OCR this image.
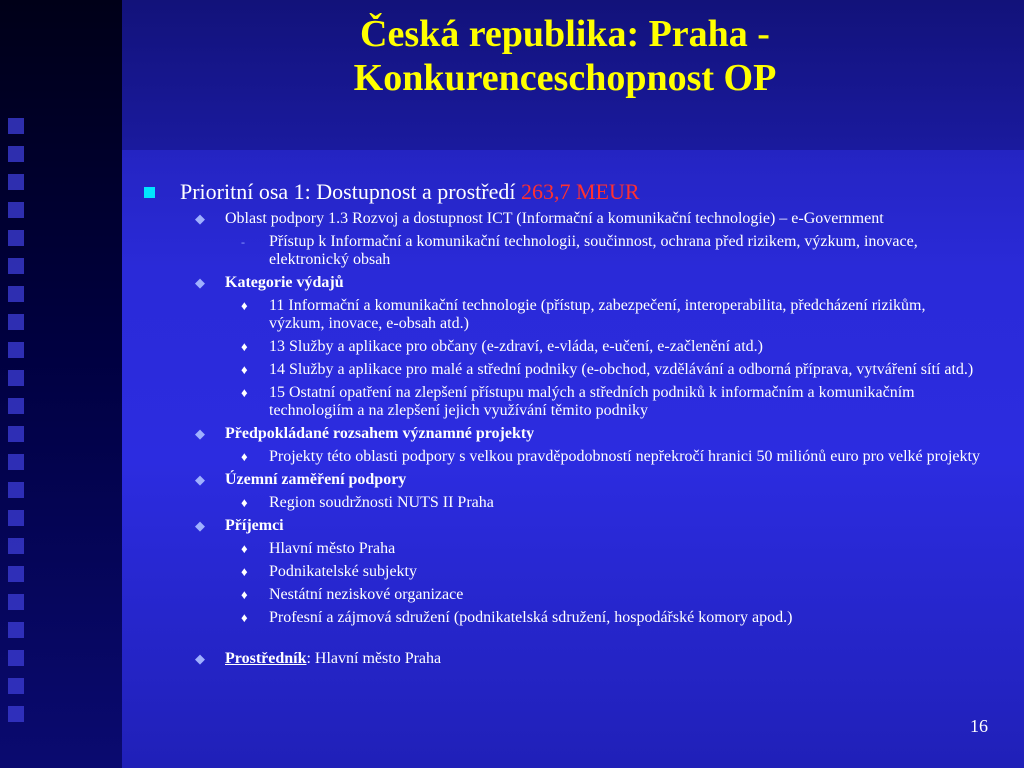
Česká republika: Praha -
Konkurenceschopnost OP
Prioritní osa 1: Dostupnost a prostředí 263,7 MEUR
◆ Oblast podpory 1.3 Rozvoj a dostupnost ICT (Informační a komunikační technologie) – e-Government
- Přístup k Informační a komunikační technologii, součinnost, ochrana před rizikem, výzkum, inovace, elektronický obsah
◆ Kategorie výdajů
♦ 11 Informační a komunikační technologie (přístup, zabezpečení, interoperabilita, předcházení rizikům, výzkum, inovace, e-obsah atd.)
♦ 13 Služby a aplikace pro občany (e-zdraví, e-vláda, e-učení, e-začlenění atd.)
♦ 14 Služby a aplikace pro malé a střední podniky (e-obchod, vzdělávání a odborná příprava, vytváření sítí atd.)
♦ 15 Ostatní opatření na zlepšení přístupu malých a středních podniků k informačním a komunikačním technologiím a na zlepšení jejich využívání těmito podniky
◆ Předpokládané rozsahem významné projekty
♦ Projekty této oblasti podpory s velkou pravděpodobností nepřekročí hranici 50 miliónů euro pro velké projekty
◆ Územní zaměření podpory
♦ Region soudržnosti NUTS II Praha
◆ Příjemci
♦ Hlavní město Praha
♦ Podnikatelské subjekty
♦ Nestátní neziskové organizace
♦ Profesní a zájmová sdružení (podnikatelská sdružení, hospodářské komory apod.)
◆ Prostředník: Hlavní město Praha
16
